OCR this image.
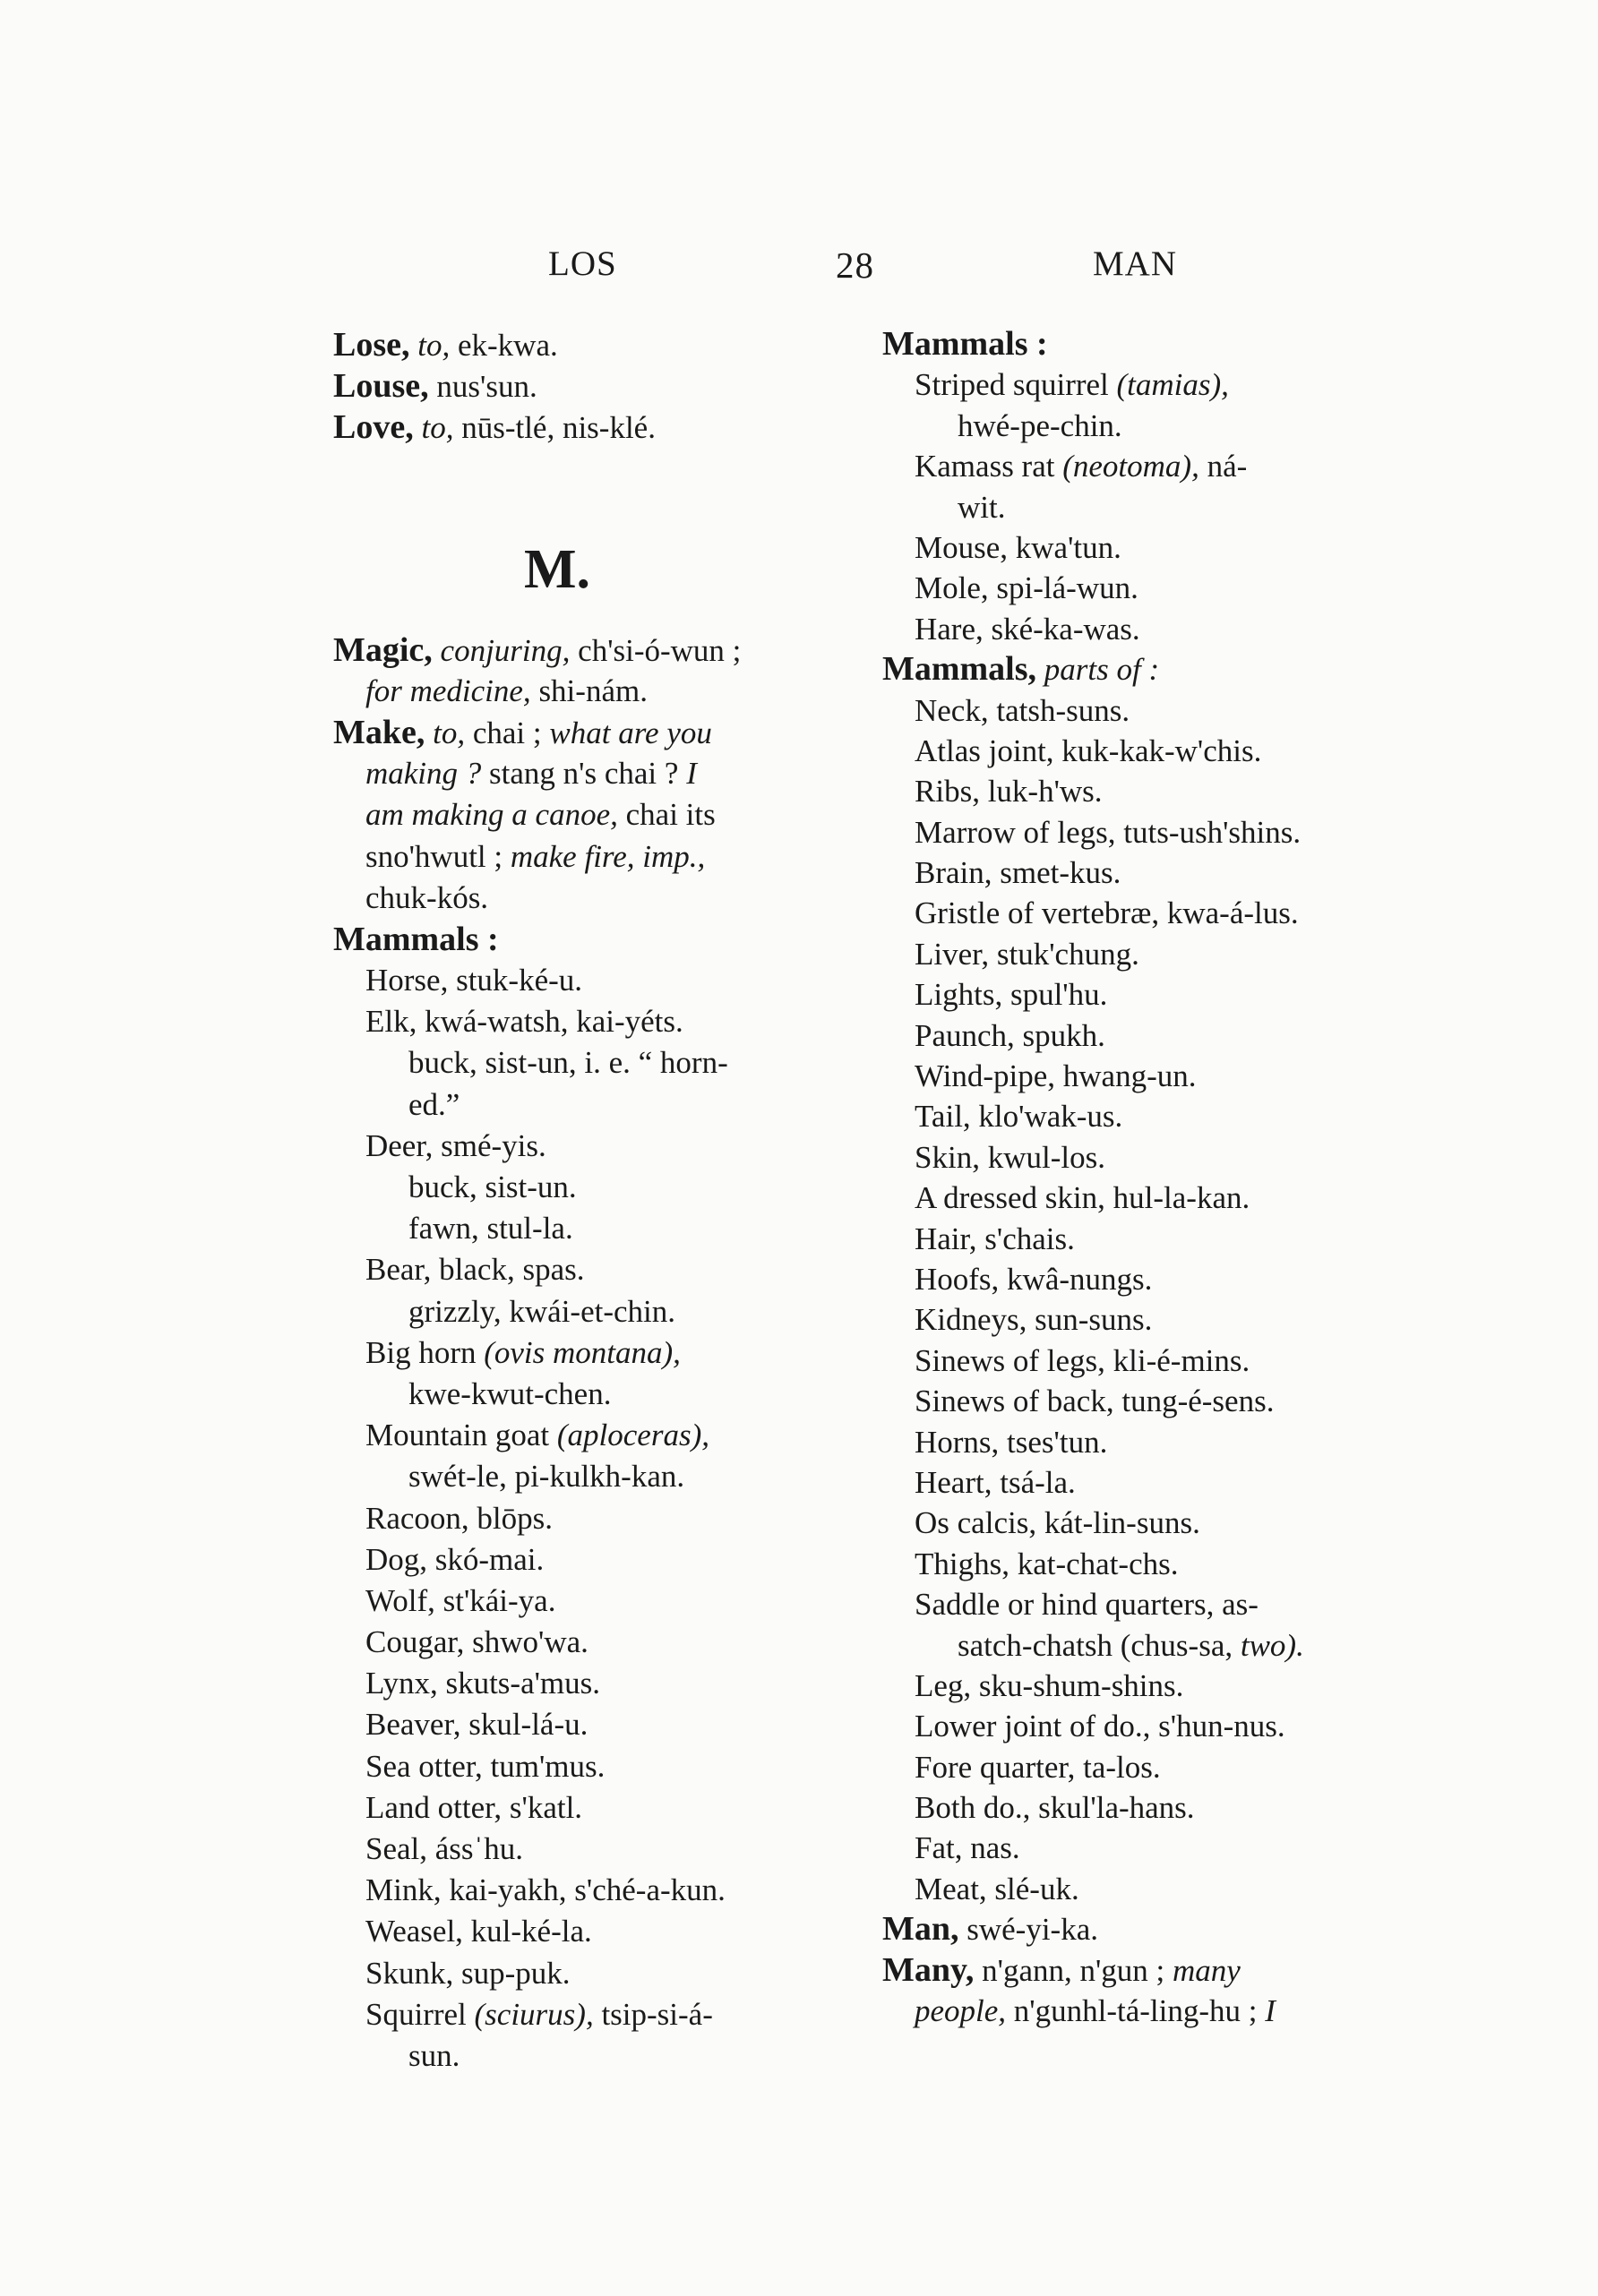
LOS	28	MAN
Lose, to, ek-kwa.
Louse, nus'sun.
Love, to, nūs-tlé, nis-klé.
M.
Magic, conjuring, ch'si-ó-wun ;
for medicine, shi-nám.
Make, to, chai ; what are you
making ? stang n's chai ? I
am making a canoe, chai its
sno'hwutl ; make fire, imp.,
chuk-kós.
Mammals :
Horse, stuk-ké-u.
Elk, kwá-watsh, kai-yéts.
buck, sist-un, i. e. “ horn-
ed.”
Deer, smé-yis.
buck, sist-un.
fawn, stul-la.
Bear, black, spas.
grizzly, kwái-et-chin.
Big horn (ovis montana),
kwe-kwut-chen.
Mountain goat (aploceras),
swét-le, pi-kulkh-kan.
Racoon, blōps.
Dog, skó-mai.
Wolf, st'kái-ya.
Cougar, shwo'wa.
Lynx, skuts-a'mus.
Beaver, skul-lá-u.
Sea otter, tum'mus.
Land otter, s'katl.
Seal, ássˈhu.
Mink, kai-yakh, s'ché-a-kun.
Weasel, kul-ké-la.
Skunk, sup-puk.
Squirrel (sciurus), tsip-si-á-
sun.
Mammals :
Striped squirrel (tamias),
hwé-pe-chin.
Kamass rat (neotoma), ná-
wit.
Mouse, kwa'tun.
Mole, spi-lá-wun.
Hare, ské-ka-was.
Mammals, parts of :
Neck, tatsh-suns.
Atlas joint, kuk-kak-w'chis.
Ribs, luk-h'ws.
Marrow of legs, tuts-ush'shins.
Brain, smet-kus.
Gristle of vertebræ, kwa-á-lus.
Liver, stuk'chung.
Lights, spul'hu.
Paunch, spukh.
Wind-pipe, hwang-un.
Tail, klo'wak-us.
Skin, kwul-los.
A dressed skin, hul-la-kan.
Hair, s'chais.
Hoofs, kwâ-nungs.
Kidneys, sun-suns.
Sinews of legs, kli-é-mins.
Sinews of back, tung-é-sens.
Horns, tses'tun.
Heart, tsá-la.
Os calcis, kát-lin-suns.
Thighs, kat-chat-chs.
Saddle or hind quarters, as-
satch-chatsh (chus-sa, two).
Leg, sku-shum-shins.
Lower joint of do., s'hun-nus.
Fore quarter, ta-los.
Both do., skul'la-hans.
Fat, nas.
Meat, slé-uk.
Man, swé-yi-ka.
Many, n'gann, n'gun ; many
people, n'gunhl-tá-ling-hu ; I
